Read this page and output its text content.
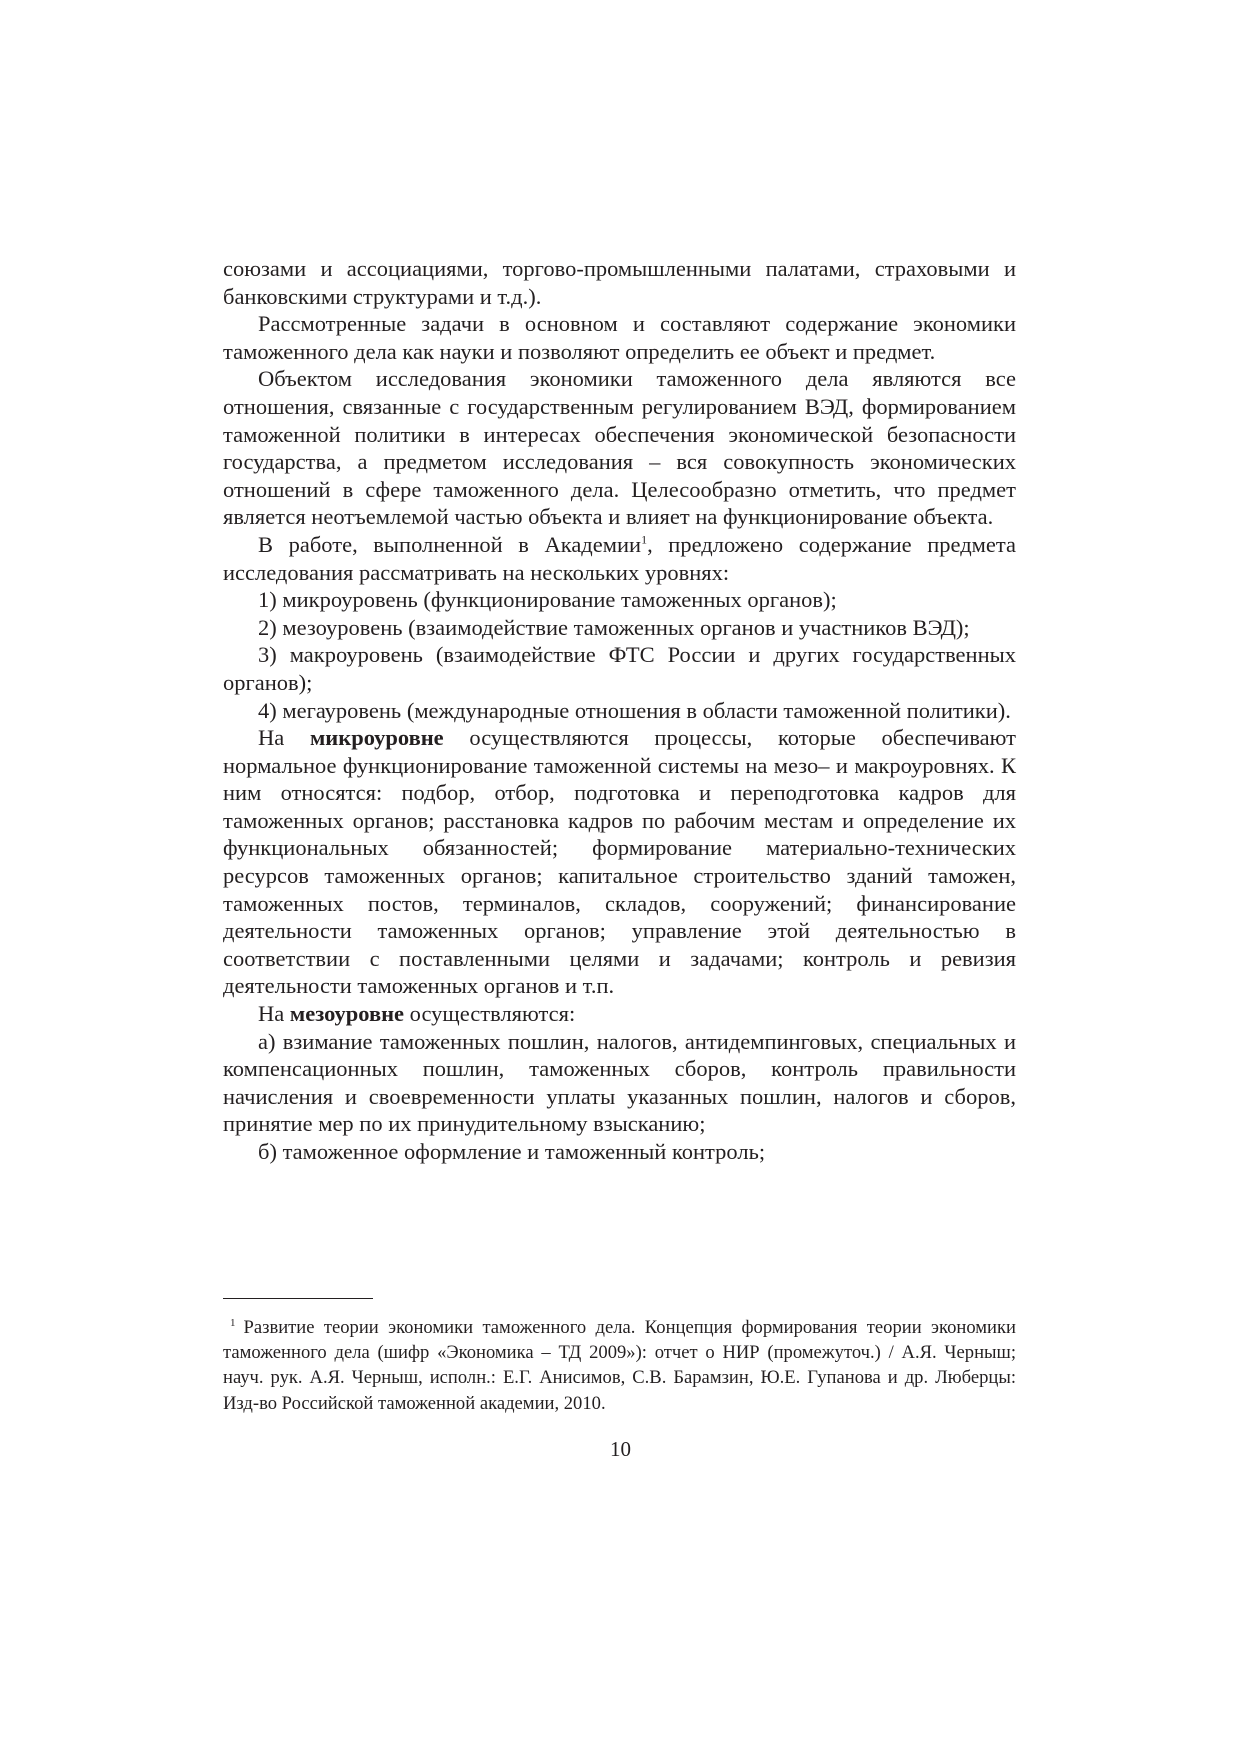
союзами и ассоциациями, торгово-промышленными палатами, страховыми и банковскими структурами и т.д.).

Рассмотренные задачи в основном и составляют содержание экономики таможенного дела как науки и позволяют определить ее объект и предмет.

Объектом исследования экономики таможенного дела являются все отношения, связанные с государственным регулированием ВЭД, формированием таможенной политики в интересах обеспечения экономической безопасности государства, а предметом исследования – вся совокупность экономических отношений в сфере таможенного дела. Целесообразно отметить, что предмет является неотъемлемой частью объекта и влияет на функционирование объекта.

В работе, выполненной в Академии$^1$, предложено содержание предмета исследования рассматривать на нескольких уровнях:

1) микроуровень (функционирование таможенных органов);

2) мезоуровень (взаимодействие таможенных органов и участников ВЭД);

3) макроуровень (взаимодействие ФТС России и других государственных органов);

4) мегауровень (международные отношения в области таможенной политики).

На микроуровне осуществляются процессы, которые обеспечивают нормальное функционирование таможенной системы на мезо– и макроуровнях. К ним относятся: подбор, отбор, подготовка и переподготовка кадров для таможенных органов; расстановка кадров по рабочим местам и определение их функциональных обязанностей; формирование материально-технических ресурсов таможенных органов; капитальное строительство зданий таможен, таможенных постов, терминалов, складов, сооружений; финансирование деятельности таможенных органов; управление этой деятельностью в соответствии с поставленными целями и задачами; контроль и ревизия деятельности таможенных органов и т.п.

На мезоуровне осуществляются:

а) взимание таможенных пошлин, налогов, антидемпинговых, специальных и компенсационных пошлин, таможенных сборов, контроль правильности начисления и своевременности уплаты указанных пошлин, налогов и сборов, принятие мер по их принудительному взысканию;

б) таможенное оформление и таможенный контроль;

$^1$ Развитие теории экономики таможенного дела. Концепция формирования теории экономики таможенного дела (шифр «Экономика – ТД 2009»): отчет о НИР (промежуточ.) / А.Я. Черныш; науч. рук. А.Я. Черныш, исполн.: Е.Г. Анисимов, С.В. Барамзин, Ю.Е. Гупанова и др. Люберцы: Изд-во Российской таможенной академии, 2010.
10
